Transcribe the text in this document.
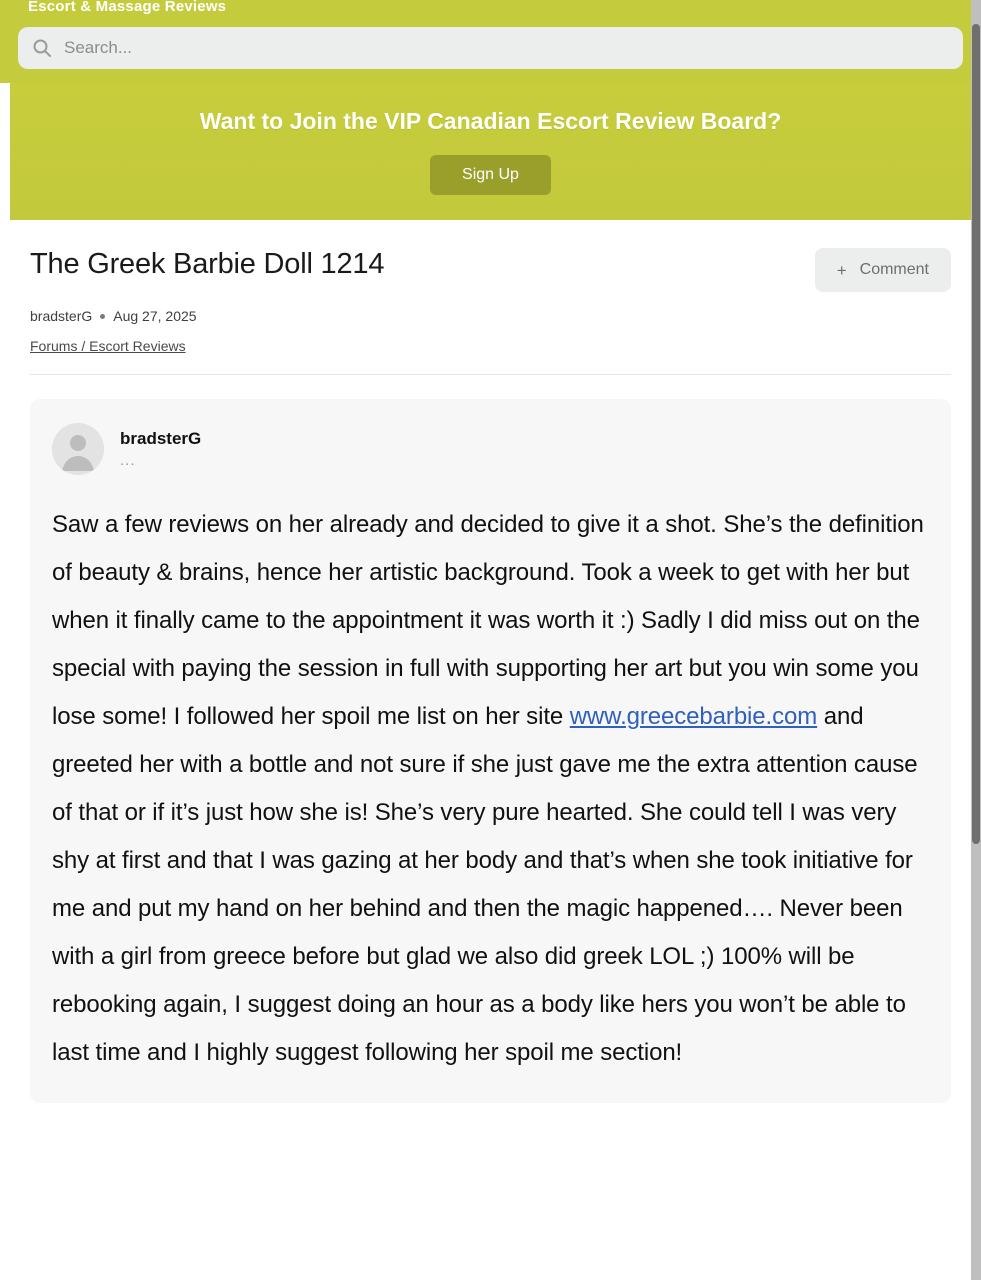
Escort & Massage Reviews
Search...
Want to Join the VIP Canadian Escort Review Board?
Sign Up
The Greek Barbie Doll 1214	+ Comment
bradsterG Aug 27, 2025
Forums / Escort Reviews
bradsterG
...
Saw a few reviews on her already and decided to give it a shot. She’s the definition of beauty & brains, hence her artistic background. Took a week to get with her but when it finally came to the appointment it was worth it :) Sadly I did miss out on the special with paying the session in full with supporting her art but you win some you lose some! I followed her spoil me list on her site www.greecebarbie.com and greeted her with a bottle and not sure if she just gave me the extra attention cause of that or if it’s just how she is! She’s very pure hearted. She could tell I was very shy at first and that I was gazing at her body and that’s when she took initiative for me and put my hand on her behind and then the magic happened…. Never been with a girl from greece before but glad we also did greek LOL ;) 100% will be rebooking again, I suggest doing an hour as a body like hers you won’t be able to last time and I highly suggest following her spoil me section!
